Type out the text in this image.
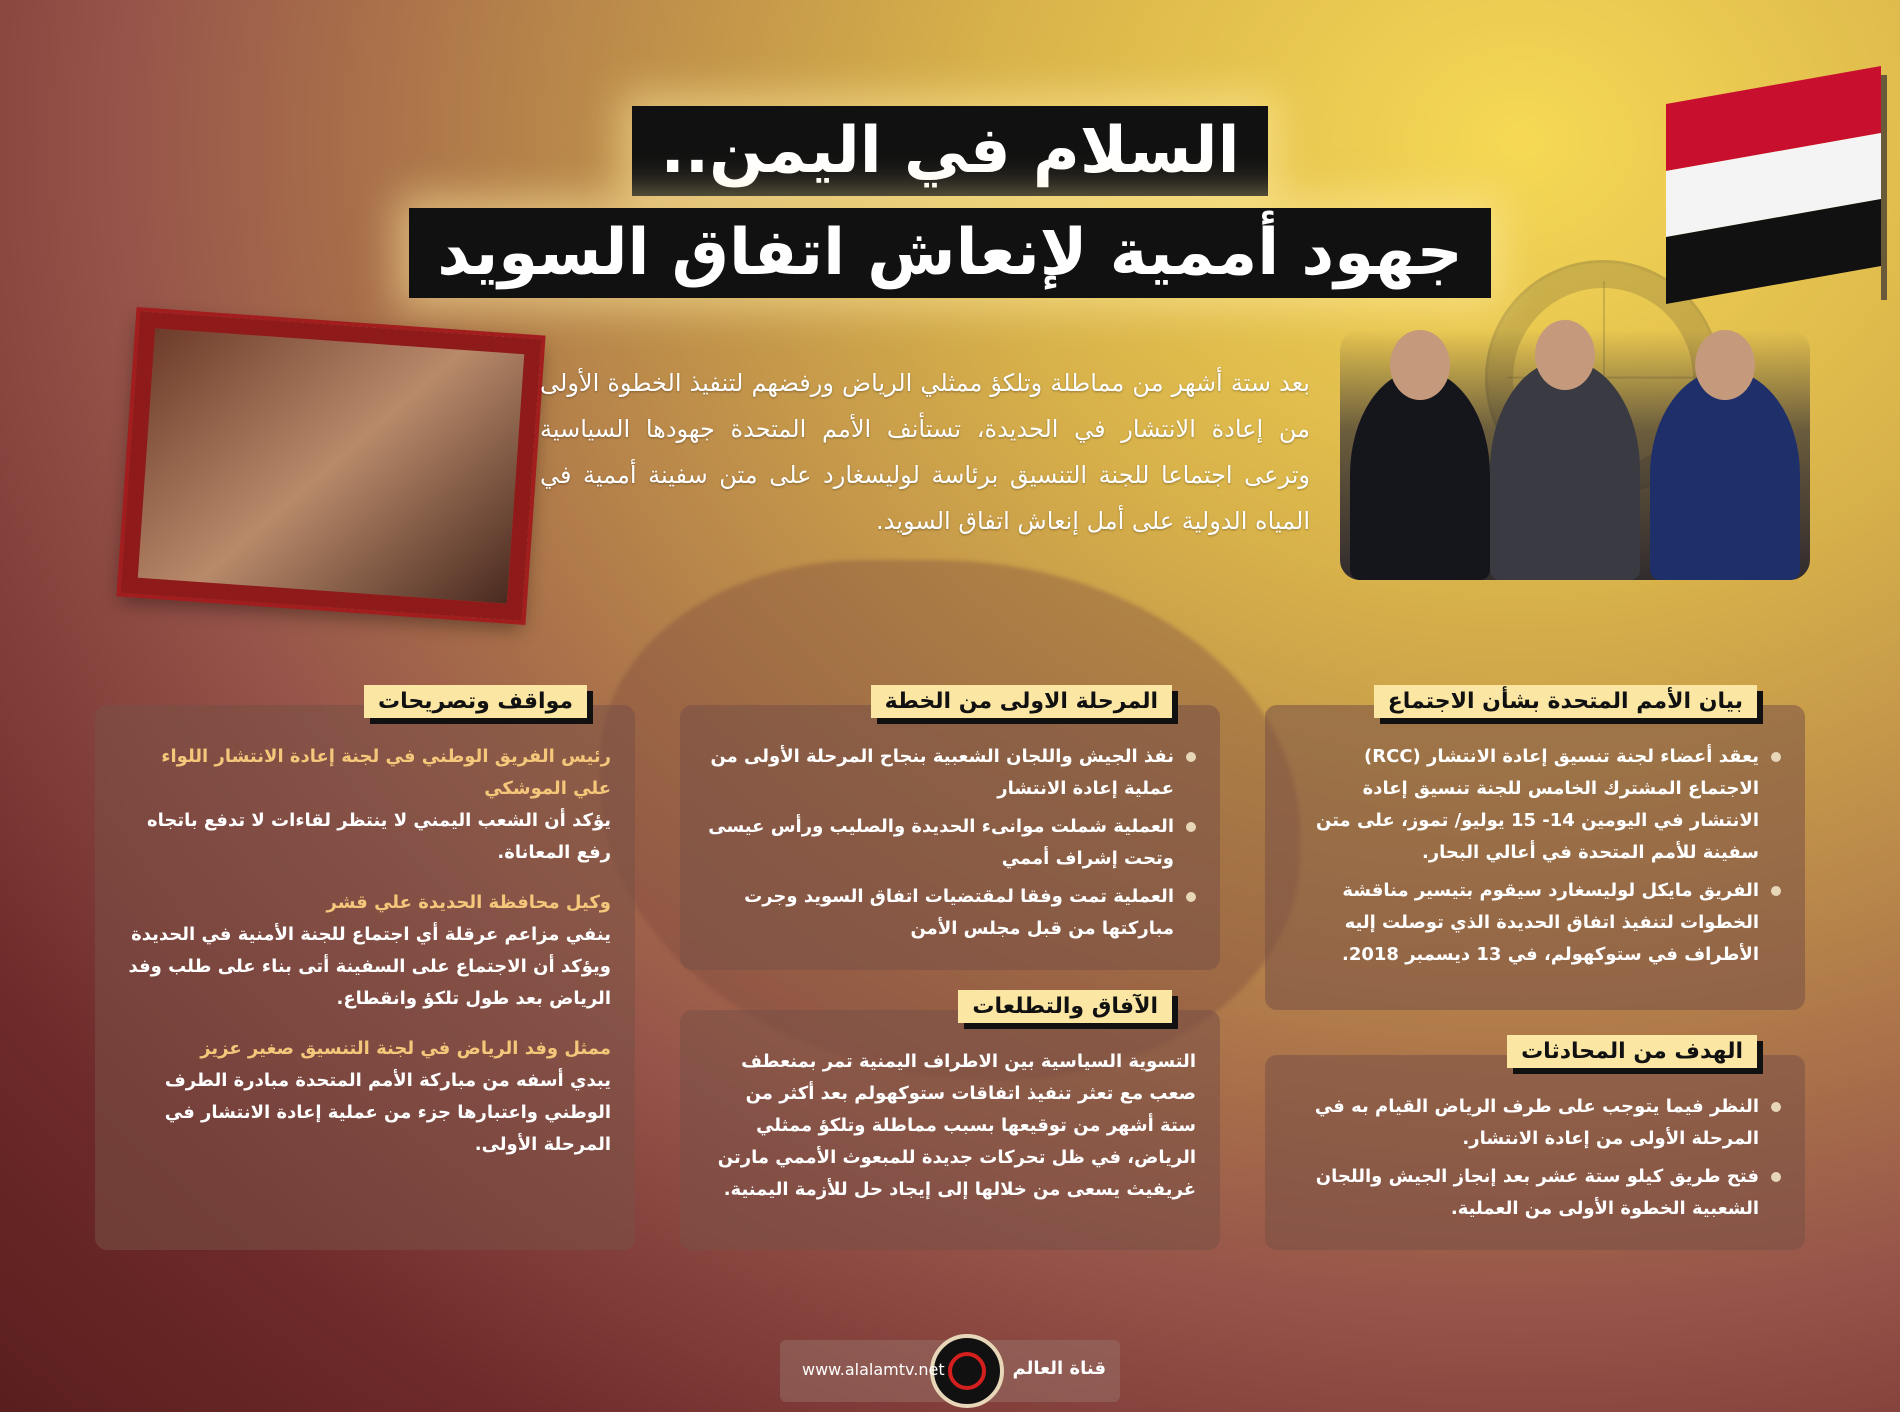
السلام في اليمن..
جهود أممية لإنعاش اتفاق السويد
بعد ستة أشهر من مماطلة وتلكؤ ممثلي الرياض ورفضهم لتنفيذ الخطوة الأولى من إعادة الانتشار في الحديدة، تستأنف الأمم المتحدة جهودها السياسية وترعى اجتماعا للجنة التنسيق برئاسة لوليسغارد على متن سفينة أممية في المياه الدولية على أمل إنعاش اتفاق السويد.
بيان الأمم المتحدة بشأن الاجتماع
يعقد أعضاء لجنة تنسيق إعادة الانتشار (RCC) الاجتماع المشترك الخامس للجنة تنسيق إعادة الانتشار في اليومين 14- 15 يوليو/ تموز، على متن سفينة للأمم المتحدة في أعالي البحار.
الفريق مايكل لوليسغارد سيقوم بتيسير مناقشة الخطوات لتنفيذ اتفاق الحديدة الذي توصلت إليه الأطراف في ستوكهولم، في 13 ديسمبر 2018.
الهدف من المحادثات
النظر فيما يتوجب على طرف الرياض القيام به في المرحلة الأولى من إعادة الانتشار.
فتح طريق كيلو ستة عشر بعد إنجاز الجيش واللجان الشعبية الخطوة الأولى من العملية.
المرحلة الاولى من الخطة
نفذ الجيش واللجان الشعبية بنجاح المرحلة الأولى من عملية إعادة الانتشار
العملية شملت موانىء الحديدة والصليب ورأس عيسى وتحت إشراف أممي
العملية تمت وفقا لمقتضيات اتفاق السويد وجرت مباركتها من قبل مجلس الأمن
الآفاق والتطلعات

التسوية السياسية بين الاطراف اليمنية تمر بمنعطف صعب مع تعثر تنفيذ اتفاقات ستوكهولم بعد أكثر من ستة أشهر من توقيعها بسبب مماطلة وتلكؤ ممثلي الرياض، في ظل تحركات جديدة للمبعوث الأممي مارتن غريفيث يسعى من خلالها إلى إيجاد حل للأزمة اليمنية.

مواقف وتصريحات
رئيس الفريق الوطني في لجنة إعادة الانتشار اللواء علي الموشكي
يؤكد أن الشعب اليمني لا ينتظر لقاءات لا تدفع باتجاه رفع المعاناة.
وكيل محافظة الحديدة علي قشر
ينفي مزاعم عرقلة أي اجتماع للجنة الأمنية في الحديدة ويؤكد أن الاجتماع على السفينة أتى بناء على طلب وفد الرياض بعد طول تلكؤ وانقطاع.
ممثل وفد الرياض في لجنة التنسيق صغير عزيز
يبدي أسفه من مباركة الأمم المتحدة مبادرة الطرف الوطني واعتبارها جزء من عملية إعادة الانتشار في المرحلة الأولى.
قناة العالم
www.alalamtv.net
